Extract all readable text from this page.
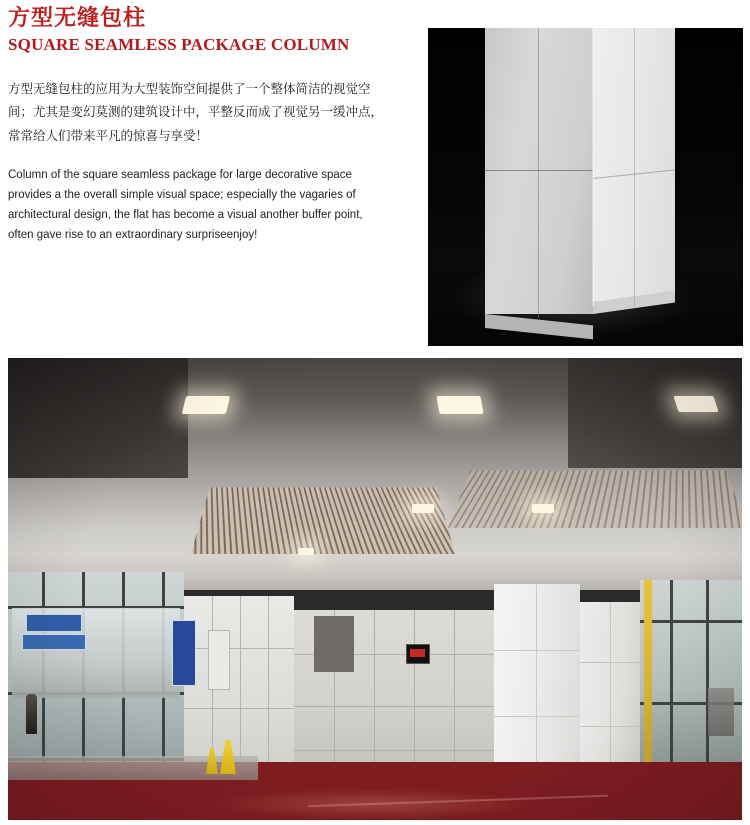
方型无缝包柱
SQUARE SEAMLESS PACKAGE COLUMN

方型无缝包柱的应用为大型装饰空间提供了一个整体简洁的视觉空间；尤其是变幻莫测的建筑设计中，平整反而成了视觉另一缓冲点，常常给人们带来平凡的惊喜与享受！

Column of the square seamless package for large decorative space provides a the overall simple visual space; especially the vagaries of architectural design, the flat has become a visual another buffer point, often gave rise to an extraordinary surpriseenjoy!
